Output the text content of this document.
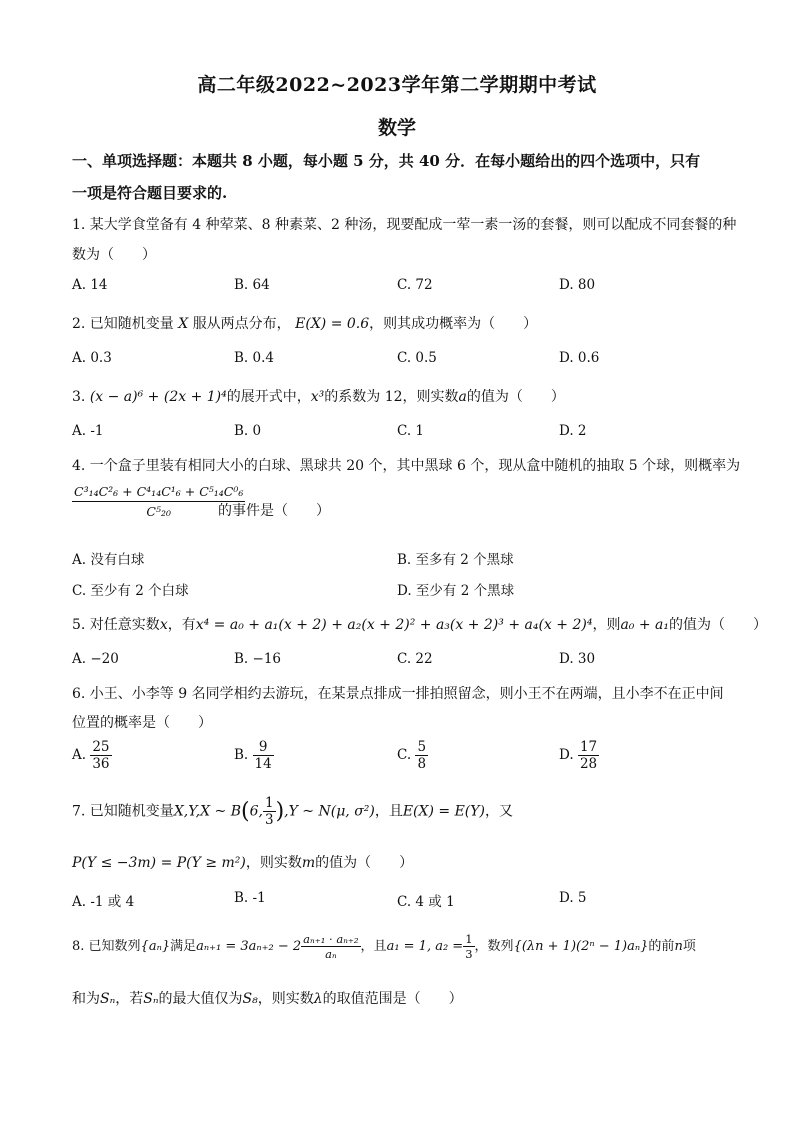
高二年级2022~2023学年第二学期期中考试
数学
一、单项选择题：本题共 8 小题，每小题 5 分，共 40 分．在每小题给出的四个选项中，只有
一项是符合题目要求的.
1. 某大学食堂备有 4 种荤菜、8 种素菜、2 种汤，现要配成一荤一素一汤的套餐，则可以配成不同套餐的种
数为（　　）
A. 14	B. 64	C. 72	D. 80
2. 已知随机变量 X 服从两点分布， E(X) = 0.6，则其成功概率为（　　）
A. 0.3	B. 0.4	C. 0.5	D. 0.6
3. (x − a)⁶ + (2x + 1)⁴的展开式中，x³的系数为 12，则实数a的值为（　　）
A. -1	B. 0	C. 1	D. 2
4. 一个盒子里装有相同大小的白球、黑球共 20 个，其中黑球 6 个，现从盒中随机的抽取 5 个球，则概率为
$\frac{\text{C³₁₄C²₆ + C⁴₁₄C¹₆ + C⁵₁₄C⁰₆}}{\text{C⁵₂₀}}$
的事件是（　　）
A. 没有白球	B. 至多有 2 个黑球
C. 至少有 2 个白球	D. 至少有 2 个黑球
5. 对任意实数x，有x⁴ = a₀ + a₁(x + 2) + a₂(x + 2)² + a₃(x + 2)³ + a₄(x + 2)⁴，则a₀ + a₁的值为（　　）
A. −20	B. −16	C. 22	D. 30
6. 小王、小李等 9 名同学相约去游玩，在某景点排成一排拍照留念，则小王不在两端，且小李不在正中间
位置的概率是（　　）
A. $\frac{25}{36}$	B. $\frac{9}{14}$	C. $\frac{5}{8}$	D. $\frac{17}{28}$
7. 已知随机变量X,Y,X ~ B(6, $\frac{1}{3} ),Y$ ~ N(μ, σ²)，且E(X) = E(Y)，又
P(Y ≤ −3m) = P(Y ≥ m²)，则实数m的值为（　　）
A. -1 或 4	B. -1	C. 4 或 1	D. 5
8. 已知数列{aₙ}满足$a_{n+1} = 3a_{n+2} - 2 \frac{\text{aₙ₊₁ · aₙ₊₂}}{\text{aₙ}}$ ，且a₁ = 1, $a_2 = \frac{1}{3}$ ，数列{(λn + 1)(2ⁿ − 1)aₙ}的前n项
和为Sₙ，若Sₙ的最大值仅为S₈，则实数λ的取值范围是（　　）
